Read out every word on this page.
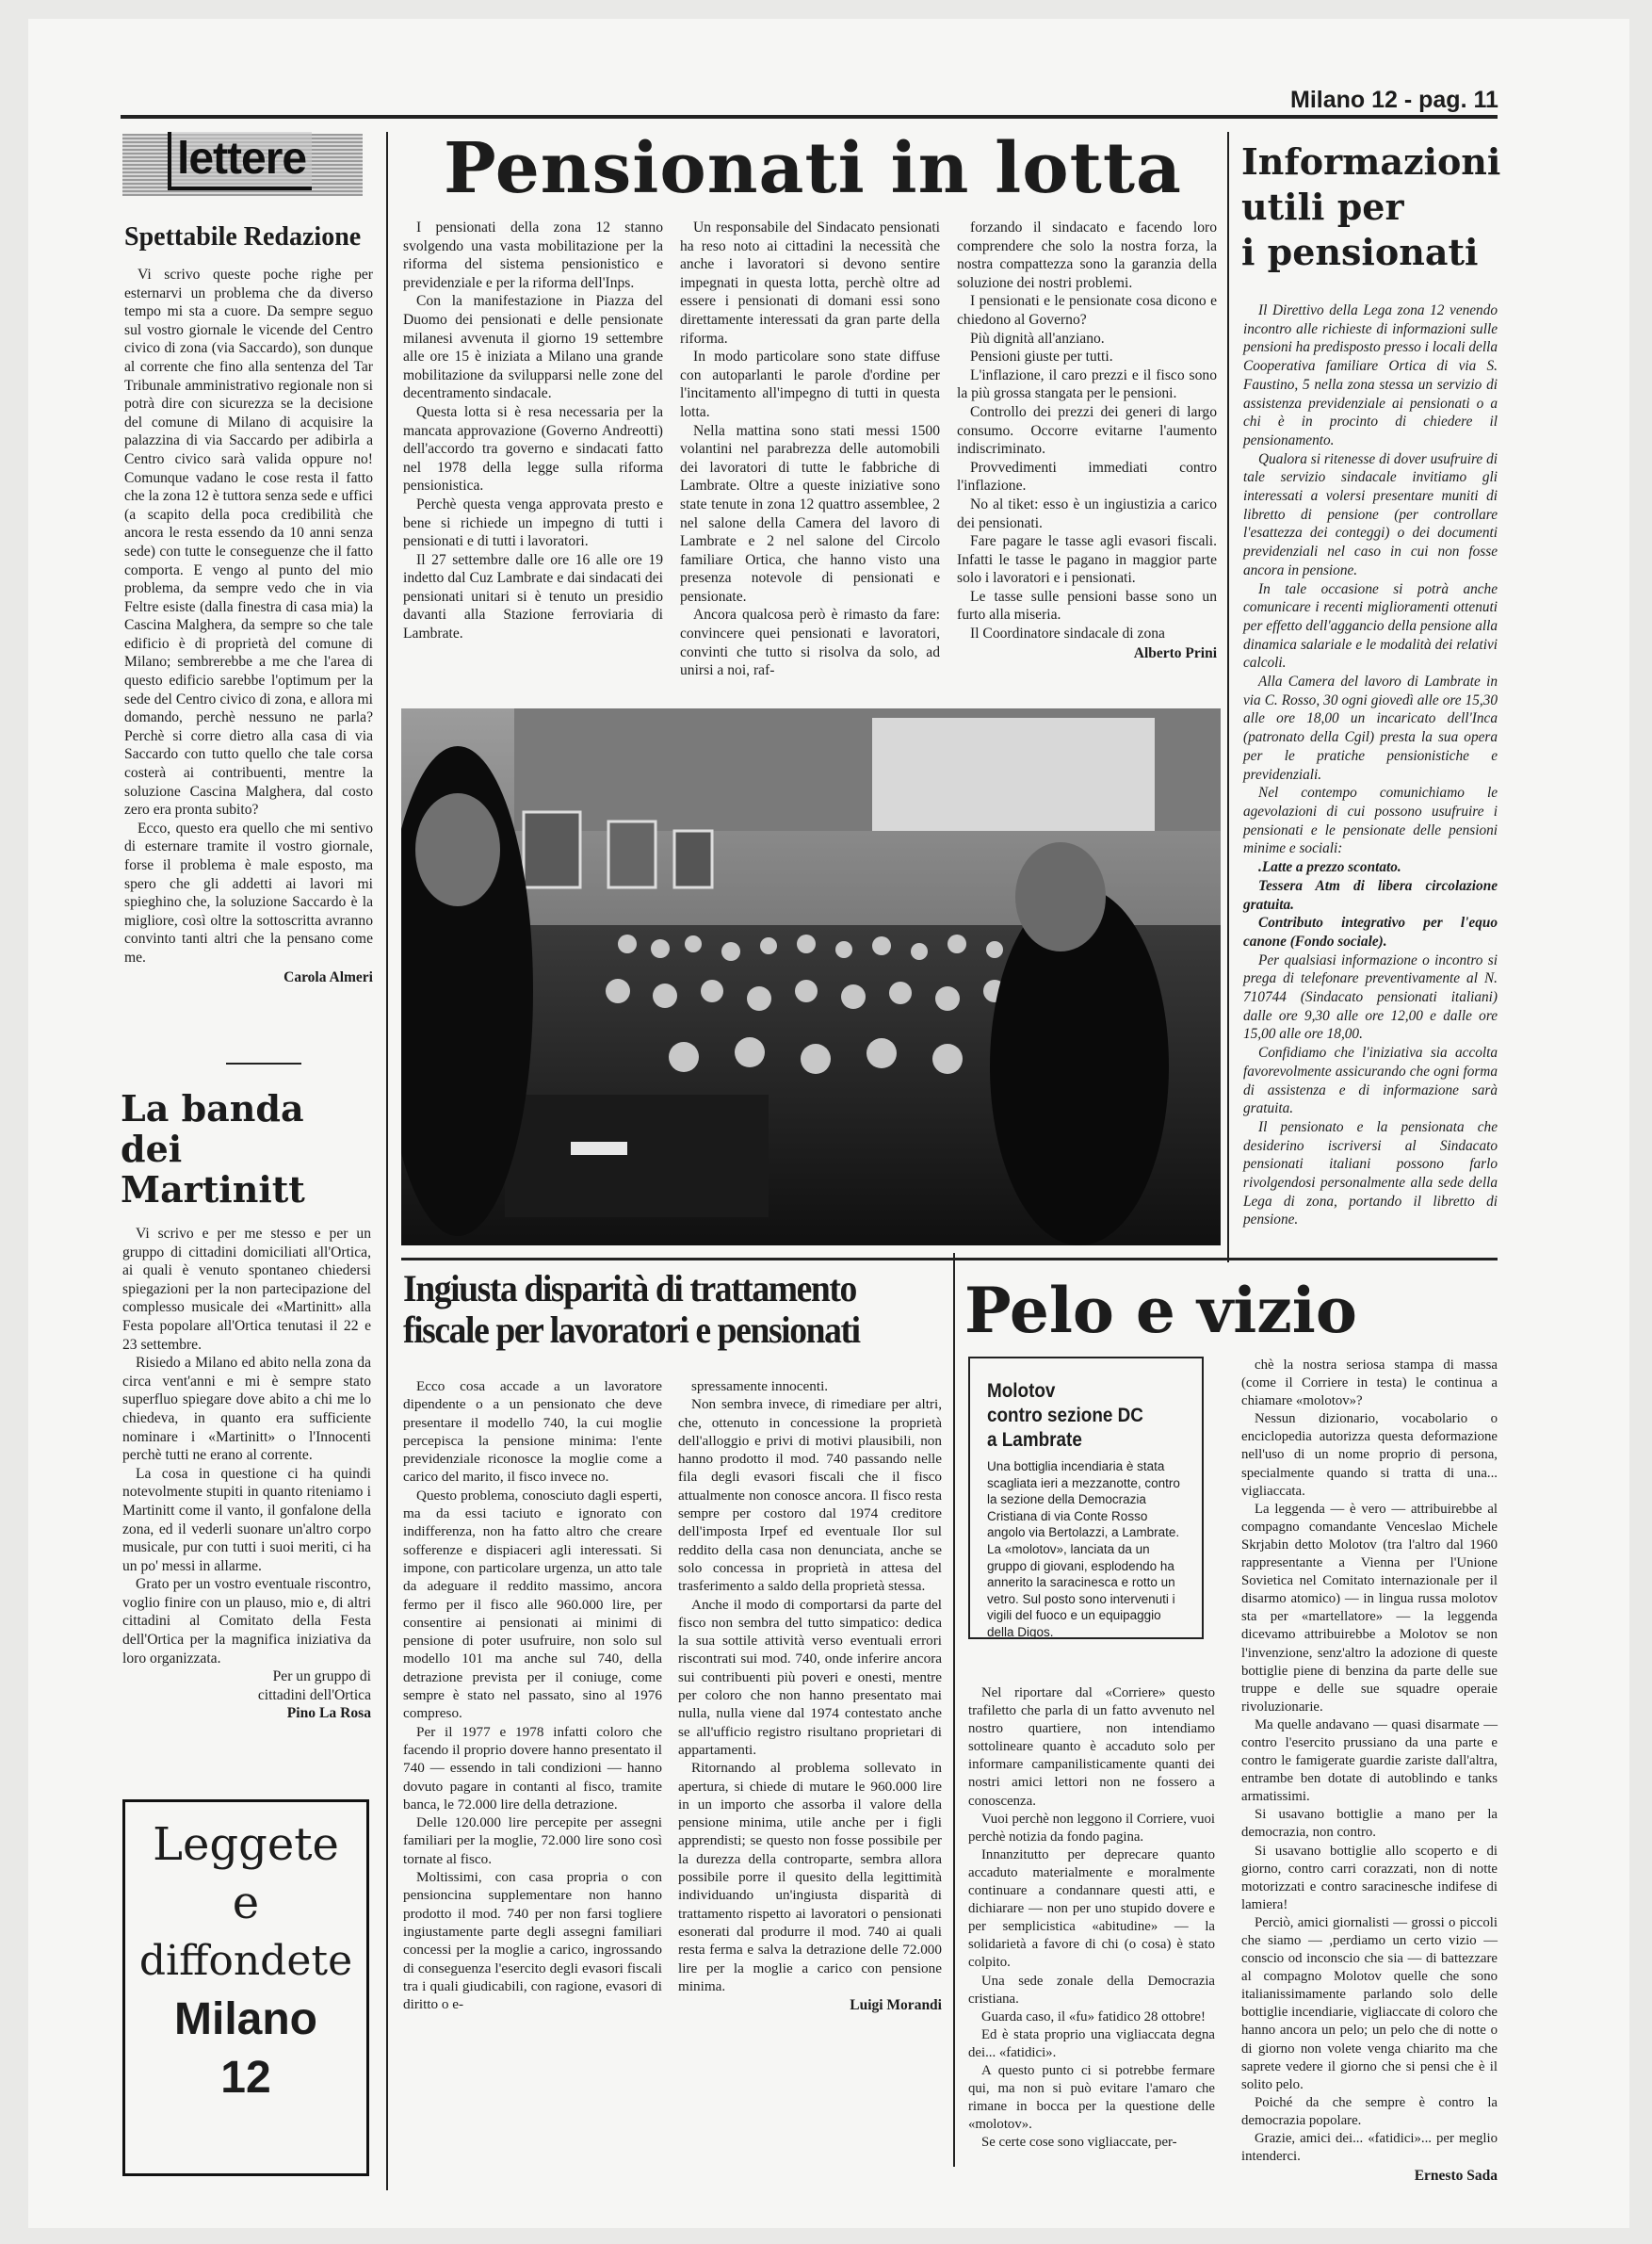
Milano 12 - pag. 11
lettere
Spettabile Redazione

Vi scrivo queste poche righe per esternarvi un problema che da diverso tempo mi sta a cuore. Da sempre seguo sul vostro giornale le vicende del Centro civico di zona (via Saccardo), son dunque al corrente che fino alla sentenza del Tar Tribunale amministrativo regionale non si potrà dire con sicurezza se la decisione del comune di Milano di acquisire la palazzina di via Saccardo per adibirla a Centro civico sarà valida oppure no! Comunque vadano le cose resta il fatto che la zona 12 è tuttora senza sede e uffici (a scapito della poca credibilità che ancora le resta essendo da 10 anni senza sede) con tutte le conseguenze che il fatto comporta. E vengo al punto del mio problema, da sempre vedo che in via Feltre esiste (dalla finestra di casa mia) la Cascina Malghera, da sempre so che tale edificio è di proprietà del comune di Milano; sembrerebbe a me che l'area di questo edificio sarebbe l'optimum per la sede del Centro civico di zona, e allora mi domando, perchè nessuno ne parla? Perchè si corre dietro alla casa di via Saccardo con tutto quello che tale corsa costerà ai contribuenti, mentre la soluzione Cascina Malghera, dal costo zero era pronta subito?

Ecco, questo era quello che mi sentivo di esternare tramite il vostro giornale, forse il problema è male esposto, ma spero che gli addetti ai lavori mi spieghino che, la soluzione Saccardo è la migliore, così oltre la sottoscritta avranno convinto tanti altri che la pensano come me.

Carola Almeri
La banda dei Martinitt

Vi scrivo e per me stesso e per un gruppo di cittadini domiciliati all'Ortica, ai quali è venuto spontaneo chiedersi spiegazioni per la non partecipazione del complesso musicale dei «Martinitt» alla Festa popolare all'Ortica tenutasi il 22 e 23 settembre.

Risiedo a Milano ed abito nella zona da circa vent'anni e mi è sempre stato superfluo spiegare dove abito a chi me lo chiedeva, in quanto era sufficiente nominare i «Martinitt» o l'Innocenti perchè tutti ne erano al corrente.

La cosa in questione ci ha quindi notevolmente stupiti in quanto riteniamo i Martinitt come il vanto, il gonfalone della zona, ed il vederli suonare un'altro corpo musicale, pur con tutti i suoi meriti, ci ha un po' messi in allarme.

Grato per un vostro eventuale riscontro, voglio finire con un plauso, mio e, di altri cittadini al Comitato della Festa dell'Ortica per la magnifica iniziativa da loro organizzata.

Per un gruppo di
cittadini dell'Ortica
Pino La Rosa
Leggete
e
diffondete
Milano
12
Pensionati in lotta

I pensionati della zona 12 stanno svolgendo una vasta mobilitazione per la riforma del sistema pensionistico e previdenziale e per la riforma dell'Inps.

Con la manifestazione in Piazza del Duomo dei pensionati e delle pensionate milanesi avvenuta il giorno 19 settembre alle ore 15 è iniziata a Milano una grande mobilitazione da svilupparsi nelle zone del decentramento sindacale.

Questa lotta si è resa necessaria per la mancata approvazione (Governo Andreotti) dell'accordo tra governo e sindacati fatto nel 1978 della legge sulla riforma pensionistica.

Perchè questa venga approvata presto e bene si richiede un impegno di tutti i pensionati e di tutti i lavoratori.

Il 27 settembre dalle ore 16 alle ore 19 indetto dal Cuz Lambrate e dai sindacati dei pensionati unitari si è tenuto un presidio davanti alla Stazione ferroviaria di Lambrate.

Un responsabile del Sindacato pensionati ha reso noto ai cittadini la necessità che anche i lavoratori si devono sentire impegnati in questa lotta, perchè oltre ad essere i pensionati di domani essi sono direttamente interessati da gran parte della riforma.

In modo particolare sono state diffuse con autoparlanti le parole d'ordine per l'incitamento all'impegno di tutti in questa lotta.

Nella mattina sono stati messi 1500 volantini nel parabrezza delle automobili dei lavoratori di tutte le fabbriche di Lambrate. Oltre a queste iniziative sono state tenute in zona 12 quattro assemblee, 2 nel salone della Camera del lavoro di Lambrate e 2 nel salone del Circolo familiare Ortica, che hanno visto una presenza notevole di pensionati e pensionate.

Ancora qualcosa però è rimasto da fare: convincere quei pensionati e lavoratori, convinti che tutto si risolva da solo, ad unirsi a noi, raf-

forzando il sindacato e facendo loro comprendere che solo la nostra forza, la nostra compattezza sono la garanzia della soluzione dei nostri problemi.

I pensionati e le pensionate cosa dicono e chiedono al Governo?

Più dignità all'anziano.

Pensioni giuste per tutti.

L'inflazione, il caro prezzi e il fisco sono la più grossa stangata per le pensioni.

Controllo dei prezzi dei generi di largo consumo. Occorre evitarne l'aumento indiscriminato.

Provvedimenti immediati contro l'inflazione.

No al tiket: esso è un ingiustizia a carico dei pensionati.

Fare pagare le tasse agli evasori fiscali. Infatti le tasse le pagano in maggior parte solo i lavoratori e i pensionati.

Le tasse sulle pensioni basse sono un furto alla miseria.

Il Coordinatore sindacale di zona

Alberto Prini
Informazioni
utili per
i pensionati

Il Direttivo della Lega zona 12 venendo incontro alle richieste di informazioni sulle pensioni ha predisposto presso i locali della Cooperativa familiare Ortica di via S. Faustino, 5 nella zona stessa un servizio di assistenza previdenziale ai pensionati o a chi è in procinto di chiedere il pensionamento.

Qualora si ritenesse di dover usufruire di tale servizio sindacale invitiamo gli interessati a volersi presentare muniti di libretto di pensione (per controllare l'esattezza dei conteggi) o dei documenti previdenziali nel caso in cui non fosse ancora in pensione.

In tale occasione si potrà anche comunicare i recenti miglioramenti ottenuti per effetto dell'aggancio della pensione alla dinamica salariale e le modalità dei relativi calcoli.

Alla Camera del lavoro di Lambrate in via C. Rosso, 30 ogni giovedì alle ore 15,30 alle ore 18,00 un incaricato dell'Inca (patronato della Cgil) presta la sua opera per le pratiche pensionistiche e previdenziali.

Nel contempo comunichiamo le agevolazioni di cui possono usufruire i pensionati e le pensionate delle pensioni minime e sociali:

.Latte a prezzo scontato.

Tessera Atm di libera circolazione gratuita.

Contributo integrativo per l'equo canone (Fondo sociale).

Per qualsiasi informazione o incontro si prega di telefonare preventivamente al N. 710744 (Sindacato pensionati italiani) dalle ore 9,30 alle ore 12,00 e dalle ore 15,00 alle ore 18,00.

Confidiamo che l'iniziativa sia accolta favorevolmente assicurando che ogni forma di assistenza e di informazione sarà gratuita.

Il pensionato e la pensionata che desiderino iscriversi al Sindacato pensionati italiani possono farlo rivolgendosi personalmente alla sede della Lega di zona, portando il libretto di pensione.

Ingiusta disparità di trattamento
fiscale per lavoratori e pensionati

Ecco cosa accade a un lavoratore dipendente o a un pensionato che deve presentare il modello 740, la cui moglie percepisca la pensione minima: l'ente previdenziale riconosce la moglie come a carico del marito, il fisco invece no.

Questo problema, conosciuto dagli esperti, ma da essi taciuto e ignorato con indifferenza, non ha fatto altro che creare sofferenze e dispiaceri agli interessati. Si impone, con particolare urgenza, un atto tale da adeguare il reddito massimo, ancora fermo per il fisco alle 960.000 lire, per consentire ai pensionati ai minimi di pensione di poter usufruire, non solo sul modello 101 ma anche sul 740, della detrazione prevista per il coniuge, come sempre è stato nel passato, sino al 1976 compreso.

Per il 1977 e 1978 infatti coloro che facendo il proprio dovere hanno presentato il 740 — essendo in tali condizioni — hanno dovuto pagare in contanti al fisco, tramite banca, le 72.000 lire della detrazione.

Delle 120.000 lire percepite per assegni familiari per la moglie, 72.000 lire sono così tornate al fisco.

Moltissimi, con casa propria o con pensioncina supplementare non hanno prodotto il mod. 740 per non farsi togliere ingiustamente parte degli assegni familiari concessi per la moglie a carico, ingrossando di conseguenza l'esercito degli evasori fiscali tra i quali giudicabili, con ragione, evasori di diritto o e-

spressamente innocenti.

Non sembra invece, di rimediare per altri, che, ottenuto in concessione la proprietà dell'alloggio e privi di motivi plausibili, non hanno prodotto il mod. 740 passando nelle fila degli evasori fiscali che il fisco attualmente non conosce ancora. Il fisco resta sempre per costoro dal 1974 creditore dell'imposta Irpef ed eventuale Ilor sul reddito della casa non denunciata, anche se solo concessa in proprietà in attesa del trasferimento a saldo della proprietà stessa.

Anche il modo di comportarsi da parte del fisco non sembra del tutto simpatico: dedica la sua sottile attività verso eventuali errori riscontrati sui mod. 740, onde inferire ancora sui contribuenti più poveri e onesti, mentre per coloro che non hanno presentato mai nulla, nulla viene dal 1974 contestato anche se all'ufficio registro risultano proprietari di appartamenti.

Ritornando al problema sollevato in apertura, si chiede di mutare le 960.000 lire in un importo che assorba il valore della pensione minima, utile anche per i figli apprendisti; se questo non fosse possibile per la durezza della controparte, sembra allora possibile porre il quesito della legittimità individuando un'ingiusta disparità di trattamento rispetto ai lavoratori o pensionati esonerati dal produrre il mod. 740 ai quali resta ferma e salva la detrazione delle 72.000 lire per la moglie a carico con pensione minima.

Luigi Morandi
Pelo e vizio
Molotov
contro sezione DC
a Lambrate
Una bottiglia incendiaria è stata scagliata ieri a mezzanotte, contro la sezione della Democrazia Cristiana di via Conte Rosso angolo via Bertolazzi, a Lambrate. La «molotov», lanciata da un gruppo di giovani, esplodendo ha annerito la saracinesca e rotto un vetro. Sul posto sono intervenuti i vigili del fuoco e un equipaggio della Digos.

Nel riportare dal «Corriere» questo trafiletto che parla di un fatto avvenuto nel nostro quartiere, non intendiamo sottolineare quanto è accaduto solo per informare campanilisticamente quanti dei nostri amici lettori non ne fossero a conoscenza.

Vuoi perchè non leggono il Corriere, vuoi perchè notizia da fondo pagina.

Innanzitutto per deprecare quanto accaduto materialmente e moralmente continuare a condannare questi atti, e dichiarare — non per uno stupido dovere e per semplicistica «abitudine» — la solidarietà a favore di chi (o cosa) è stato colpito.

Una sede zonale della Democrazia cristiana.

Guarda caso, il «fu» fatidico 28 ottobre!

Ed è stata proprio una vigliaccata degna dei... «fatidici».

A questo punto ci si potrebbe fermare qui, ma non si può evitare l'amaro che rimane in bocca per la questione delle «molotov».

Se certe cose sono vigliaccate, per-

chè la nostra seriosa stampa di massa (come il Corriere in testa) le continua a chiamare «molotov»?

Nessun dizionario, vocabolario o enciclopedia autorizza questa deformazione nell'uso di un nome proprio di persona, specialmente quando si tratta di una... vigliaccata.

La leggenda — è vero — attribuirebbe al compagno comandante Venceslao Michele Skrjabin detto Molotov (tra l'altro dal 1960 rappresentante a Vienna per l'Unione Sovietica nel Comitato internazionale per il disarmo atomico) — in lingua russa molotov sta per «martellatore» — la leggenda dicevamo attribuirebbe a Molotov se non l'invenzione, senz'altro la adozione di queste bottiglie piene di benzina da parte delle sue truppe e delle sue squadre operaie rivoluzionarie.

Ma quelle andavano — quasi disarmate — contro l'esercito prussiano da una parte e contro le famigerate guardie zariste dall'altra, entrambe ben dotate di autoblindo e tanks armatissimi.

Si usavano bottiglie a mano per la democrazia, non contro.

Si usavano bottiglie allo scoperto e di giorno, contro carri corazzati, non di notte motorizzati e contro saracinesche indifese di lamiera!

Perciò, amici giornalisti — grossi o piccoli che siamo — ,perdiamo un certo vizio — conscio od inconscio che sia — di battezzare al compagno Molotov quelle che sono italianissimamente parlando solo delle bottiglie incendiarie, vigliaccate di coloro che hanno ancora un pelo; un pelo che di notte o di giorno non volete venga chiarito ma che saprete vedere il giorno che si pensi che è il solito pelo.

Poiché da che sempre è contro la democrazia popolare.

Grazie, amici dei... «fatidici»... per meglio intenderci.

Ernesto Sada
